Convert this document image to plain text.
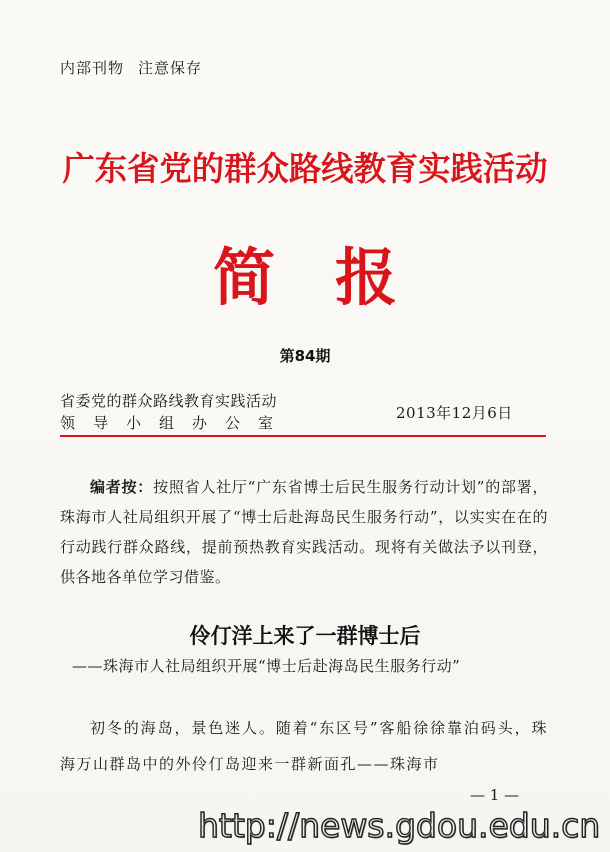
内部刊物 注意保存
广东省党的群众路线教育实践活动
简报
第84期
省委党的群众路线教育实践活动
领导小组办公室
2013年12月6日
编者按：按照省人社厅“广东省博士后民生服务行动计划”的部署，珠海市人社局组织开展了“博士后赴海岛民生服务行动”，以实实在在的行动践行群众路线，提前预热教育实践活动。现将有关做法予以刊登，供各地各单位学习借鉴。
伶仃洋上来了一群博士后
——珠海市人社局组织开展“博士后赴海岛民生服务行动”
初冬的海岛，景色迷人。随着“东区号”客船徐徐靠泊码头，珠海万山群岛中的外伶仃岛迎来一群新面孔——珠海市
— 1 —
http://news.gdou.edu.cn
